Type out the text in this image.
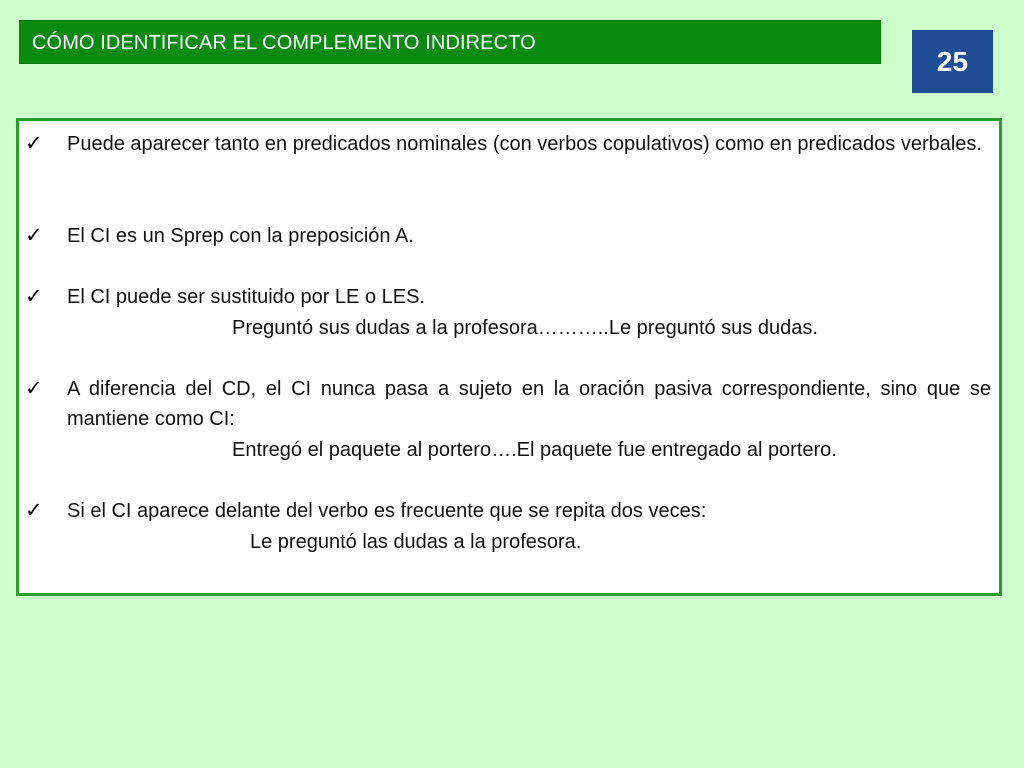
CÓMO IDENTIFICAR EL COMPLEMENTO INDIRECTO
25
✓	Puede aparecer tanto en predicados nominales (con verbos copulativos) como en predicados verbales.
✓	El CI es un Sprep con la preposición A.
✓	El CI puede ser sustituido por LE o LES.
Preguntó sus dudas a la profesora………..Le preguntó sus dudas.
✓	A diferencia del CD, el CI nunca pasa a sujeto en la oración pasiva correspondiente, sino que se mantiene como CI:
Entregó el paquete al portero….El paquete fue entregado al portero.
✓	Si el CI aparece delante del verbo es frecuente que se repita dos veces:
Le preguntó las dudas a la profesora.
